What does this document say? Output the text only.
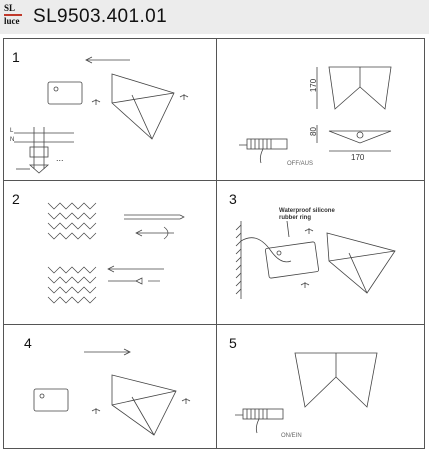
SL
luce SL9503.401.01
1
L
N
...
170
80
170
OFF/AUS
2	3
Waterproof silicone
rubber ring
4	5
ON/EIN
